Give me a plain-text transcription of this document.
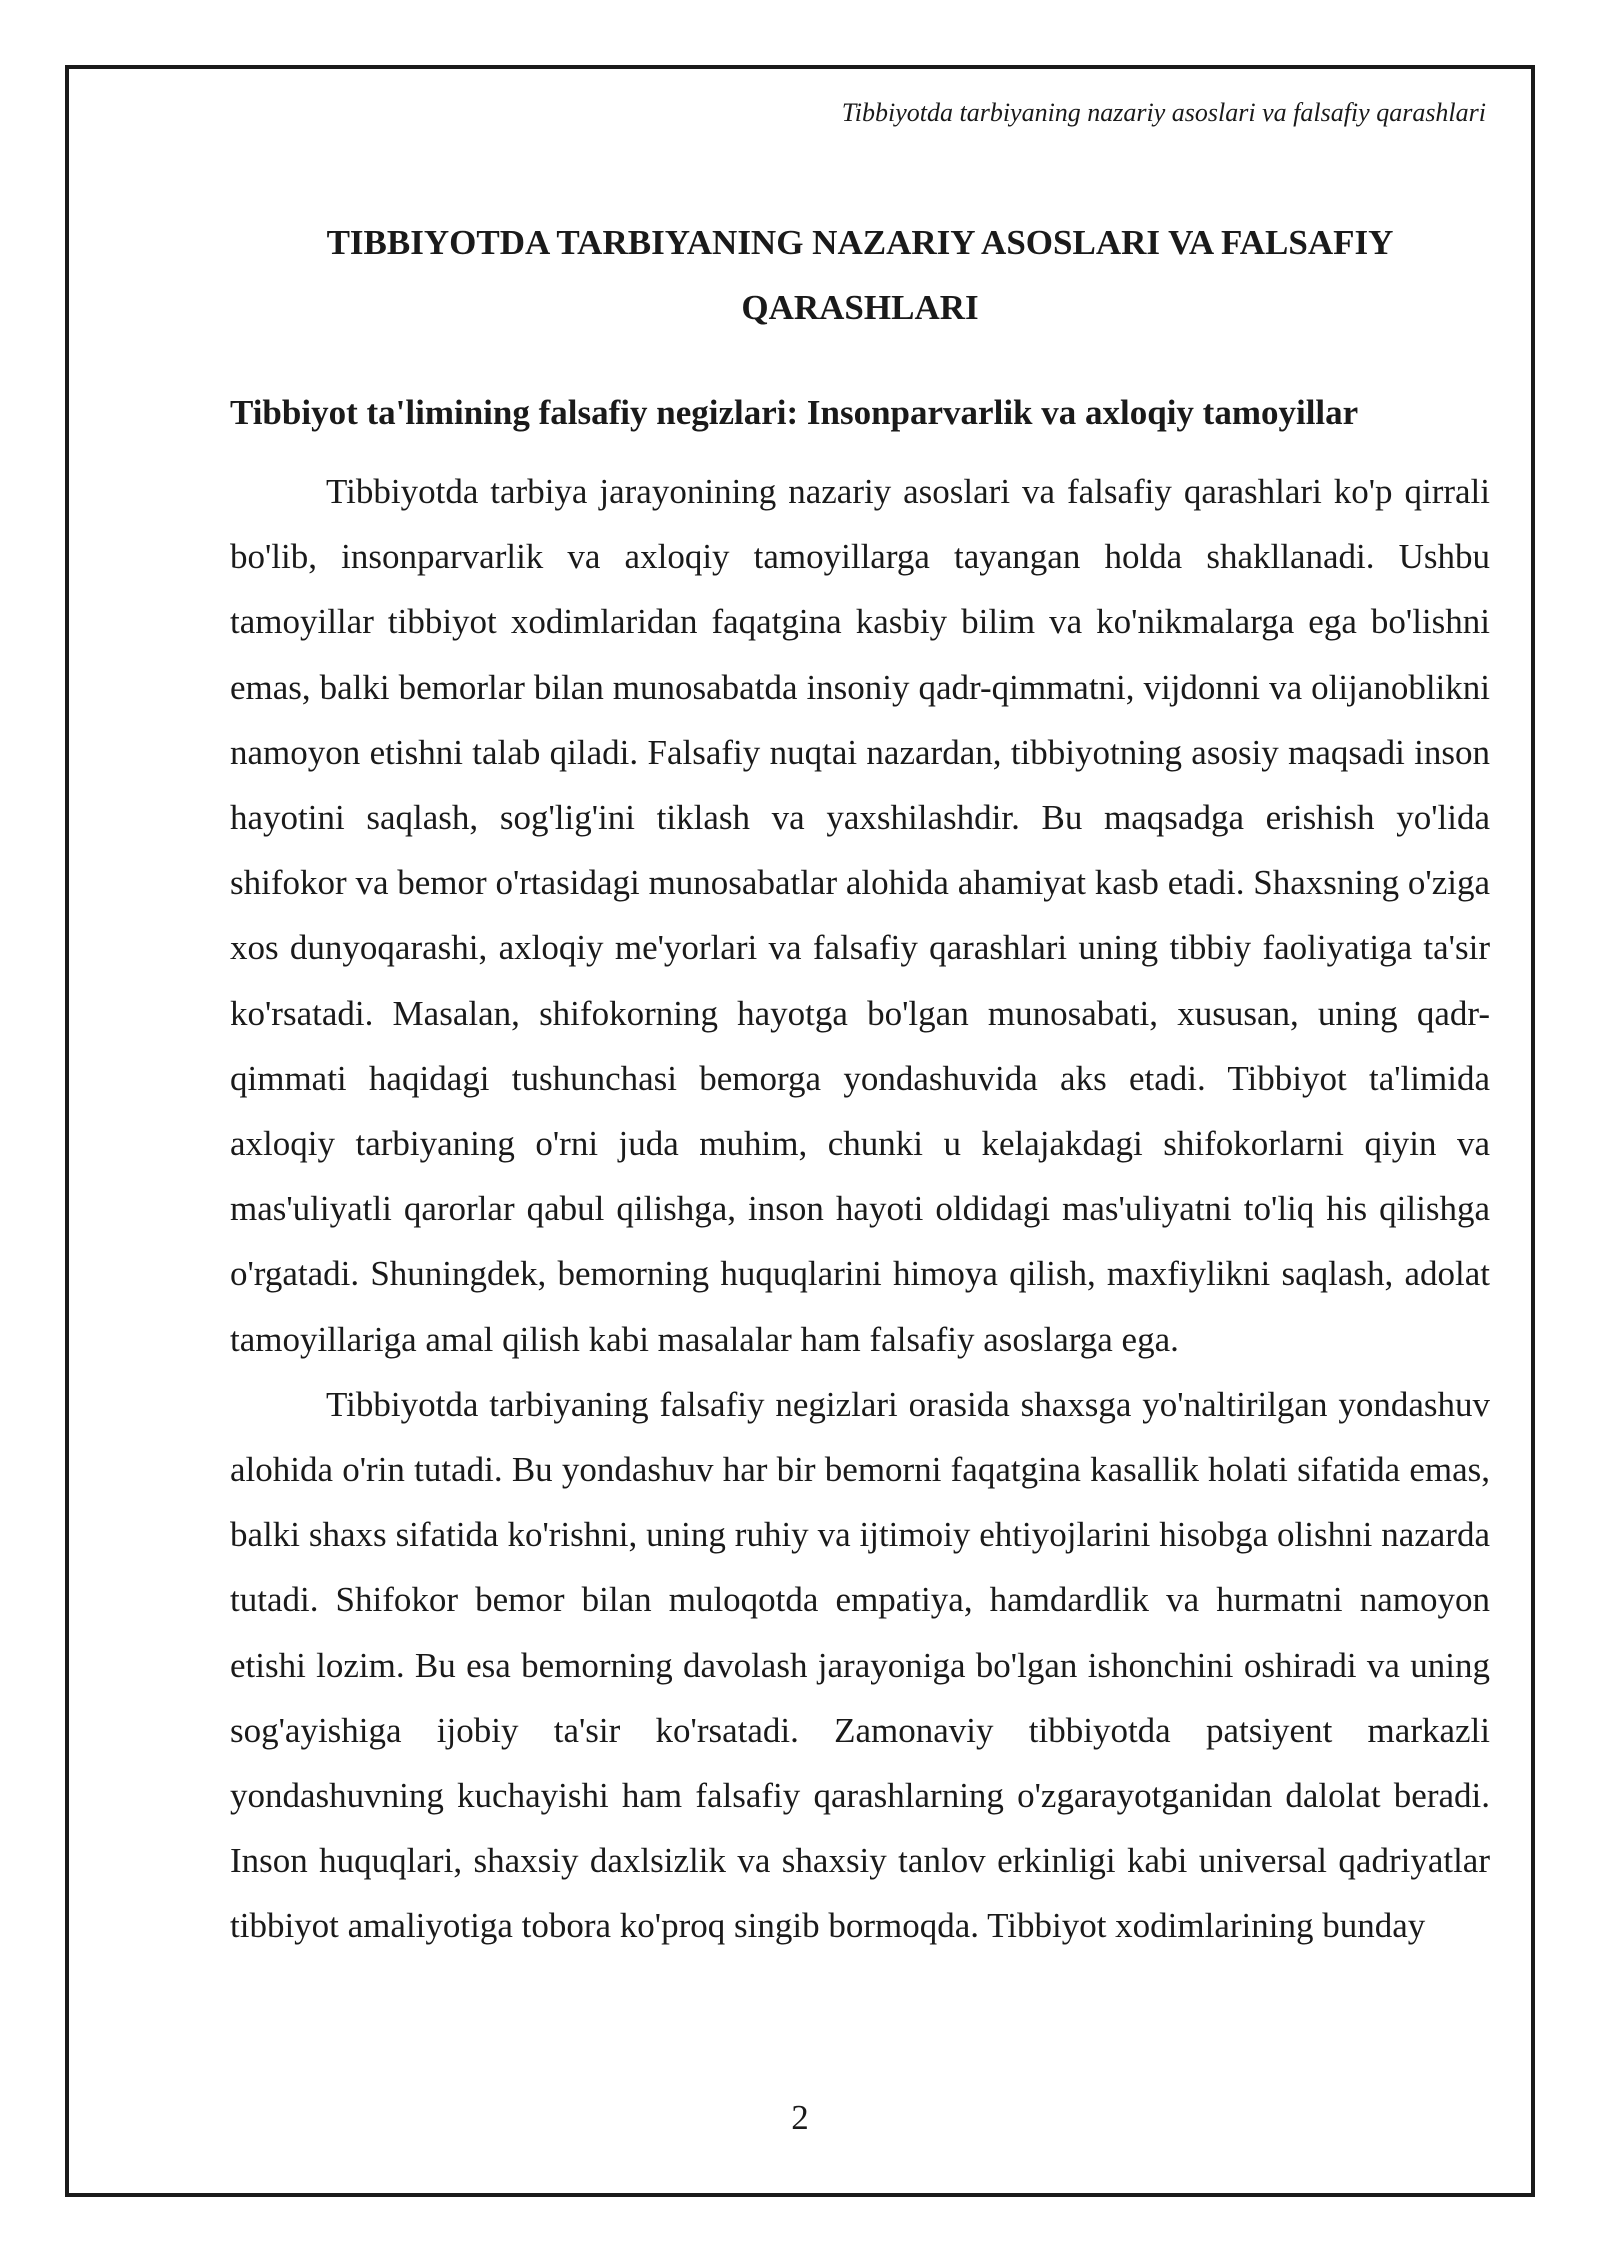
Tibbiyotda tarbiyaning nazariy asoslari va falsafiy qarashlari
TIBBIYOTDA TARBIYANING NAZARIY ASOSLARI VA FALSAFIY QARASHLARI
Tibbiyot ta'limining falsafiy negizlari: Insonparvarlik va axloqiy tamoyillar

Tibbiyotda tarbiya jarayonining nazariy asoslari va falsafiy qarashlari ko'p qirrali bo'lib, insonparvarlik va axloqiy tamoyillarga tayangan holda shakllanadi. Ushbu tamoyillar tibbiyot xodimlaridan faqatgina kasbiy bilim va ko'nikmalarga ega bo'lishni emas, balki bemorlar bilan munosabatda insoniy qadr-qimmatni, vijdonni va olijanoblikni namoyon etishni talab qiladi. Falsafiy nuqtai nazardan, tibbiyotning asosiy maqsadi inson hayotini saqlash, sog'lig'ini tiklash va yaxshilashdir. Bu maqsadga erishish yo'lida shifokor va bemor o'rtasidagi munosabatlar alohida ahamiyat kasb etadi. Shaxsning o'ziga xos dunyoqarashi, axloqiy me'yorlari va falsafiy qarashlari uning tibbiy faoliyatiga ta'sir ko'rsatadi. Masalan, shifokorning hayotga bo'lgan munosabati, xususan, uning qadr-qimmati haqidagi tushunchasi bemorga yondashuvida aks etadi. Tibbiyot ta'limida axloqiy tarbiyaning o'rni juda muhim, chunki u kelajakdagi shifokorlarni qiyin va mas'uliyatli qarorlar qabul qilishga, inson hayoti oldidagi mas'uliyatni to'liq his qilishga o'rgatadi. Shuningdek, bemorning huquqlarini himoya qilish, maxfiylikni saqlash, adolat tamoyillariga amal qilish kabi masalalar ham falsafiy asoslarga ega.

Tibbiyotda tarbiyaning falsafiy negizlari orasida shaxsga yo'naltirilgan yondashuv alohida o'rin tutadi. Bu yondashuv har bir bemorni faqatgina kasallik holati sifatida emas, balki shaxs sifatida ko'rishni, uning ruhiy va ijtimoiy ehtiyojlarini hisobga olishni nazarda tutadi. Shifokor bemor bilan muloqotda empatiya, hamdardlik va hurmatni namoyon etishi lozim. Bu esa bemorning davolash jarayoniga bo'lgan ishonchini oshiradi va uning sog'ayishiga ijobiy ta'sir ko'rsatadi. Zamonaviy tibbiyotda patsiyent markazli yondashuvning kuchayishi ham falsafiy qarashlarning o'zgarayotganidan dalolat beradi. Inson huquqlari, shaxsiy daxlsizlik va shaxsiy tanlov erkinligi kabi universal qadriyatlar tibbiyot amaliyotiga tobora ko'proq singib bormoqda. Tibbiyot xodimlarining bunday

2
